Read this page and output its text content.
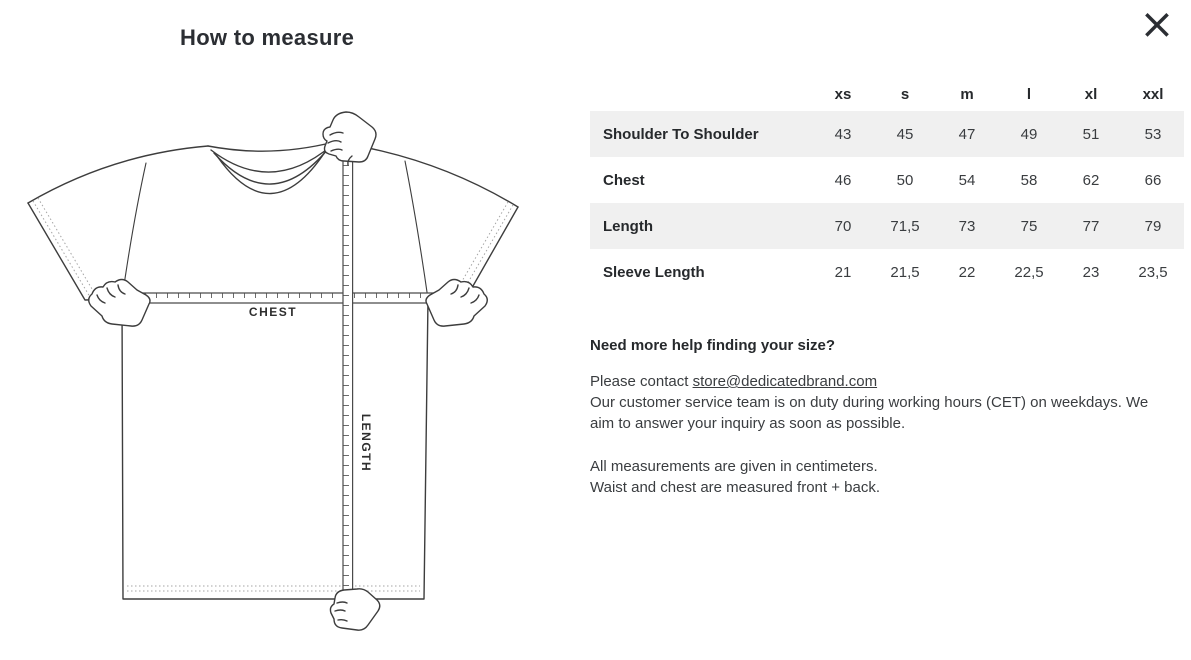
How to measure	×
CHEST
LENGTH
	xs	s	m	l	xl	xxl
Shoulder To Shoulder	43	45	47	49	51	53
Chest	46	50	54	58	62	66
Length	70	71,5	73	75	77	79
Sleeve Length	21	21,5	22	22,5	23	23,5
Need more help finding your size?

Please contact store@dedicatedbrand.com
Our customer service team is on duty during working hours (CET) on weekdays. We aim to answer your inquiry as soon as possible.

All measurements are given in centimeters.
Waist and chest are measured front + back.
